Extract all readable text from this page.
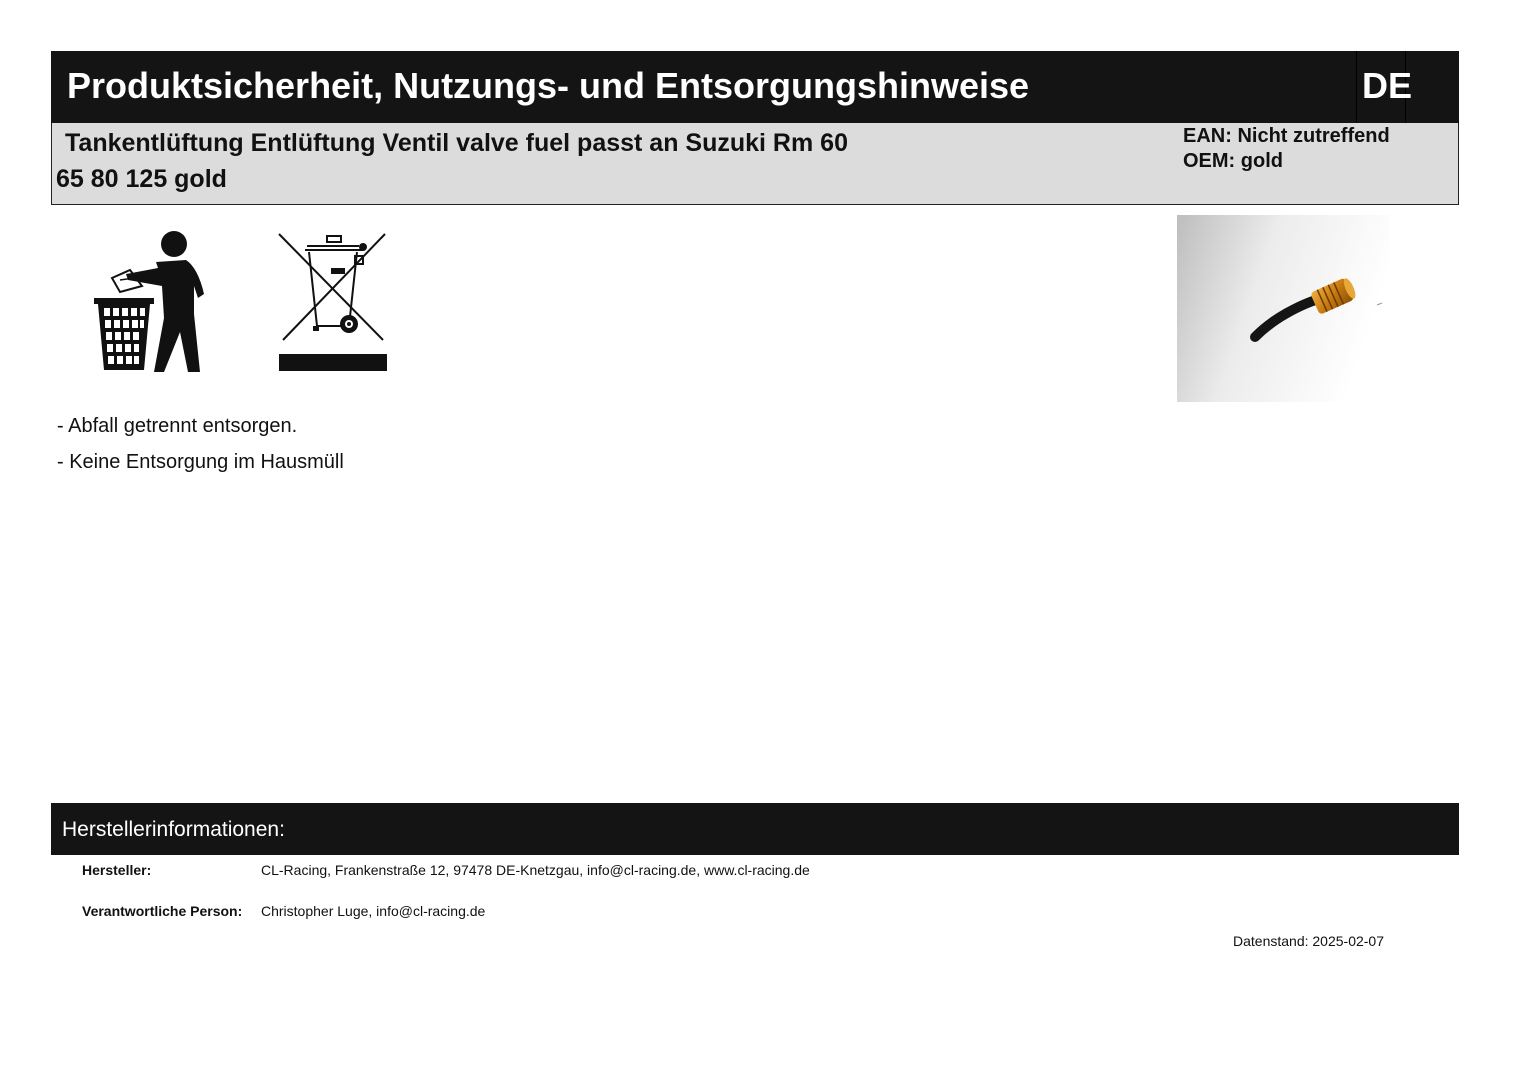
Produktsicherheit, Nutzungs- und Entsorgungshinweise	DE
Tankentlüftung Entlüftung Ventil valve fuel passt an Suzuki Rm 60
65 80 125 gold
EAN: Nicht zutreffend
OEM: gold
- Abfall getrennt entsorgen.
- Keine Entsorgung im Hausmüll
Herstellerinformationen:
Hersteller:	CL-Racing, Frankenstraße 12, 97478 DE-Knetzgau, info@cl-racing.de, www.cl-racing.de
Verantwortliche Person: Christopher Luge, info@cl-racing.de
Datenstand: 2025-02-07
